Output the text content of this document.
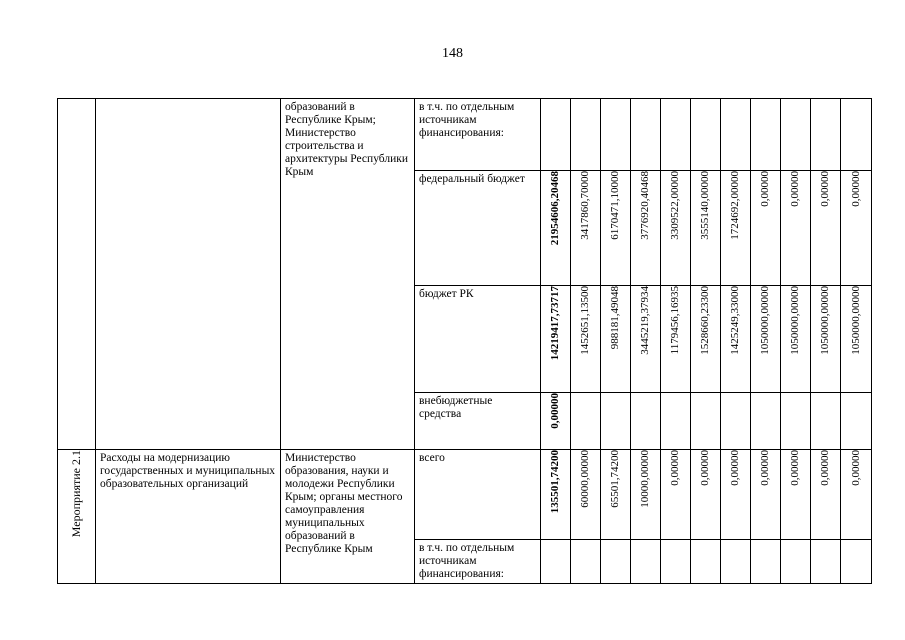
148

		образований в Республике Крым; Министерство строительства и архитектуры Республики Крым	в т.ч. по отдельным источникам финансирования:											

			федеральный бюджет	21954606,20468	3417860,70000	6170471,10000	3776920,40468	3309522,00000	3555140,00000	1724692,00000	0,00000	0,00000	0,00000	0,00000

			бюджет РК	14219417,73717	1452651,13500	988181,49048	3445219,37934	1179456,16935	1528660,23300	1425249,33000	1050000,00000	1050000,00000	1050000,00000	1050000,00000

			внебюджетные средства	0,00000										
Мероприятие 2.1	Расходы на модернизацию государственных и муниципальных образовательных организаций	Министерство образования, науки и молодежи Республики Крым; органы местного самоуправления муниципальных образований в Республике Крым	всего	135501,74200	60000,00000	65501,74200	10000,00000	0,00000	0,00000	0,00000	0,00000	0,00000	0,00000	0,00000

			в т.ч. по отдельным источникам финансирования:											
